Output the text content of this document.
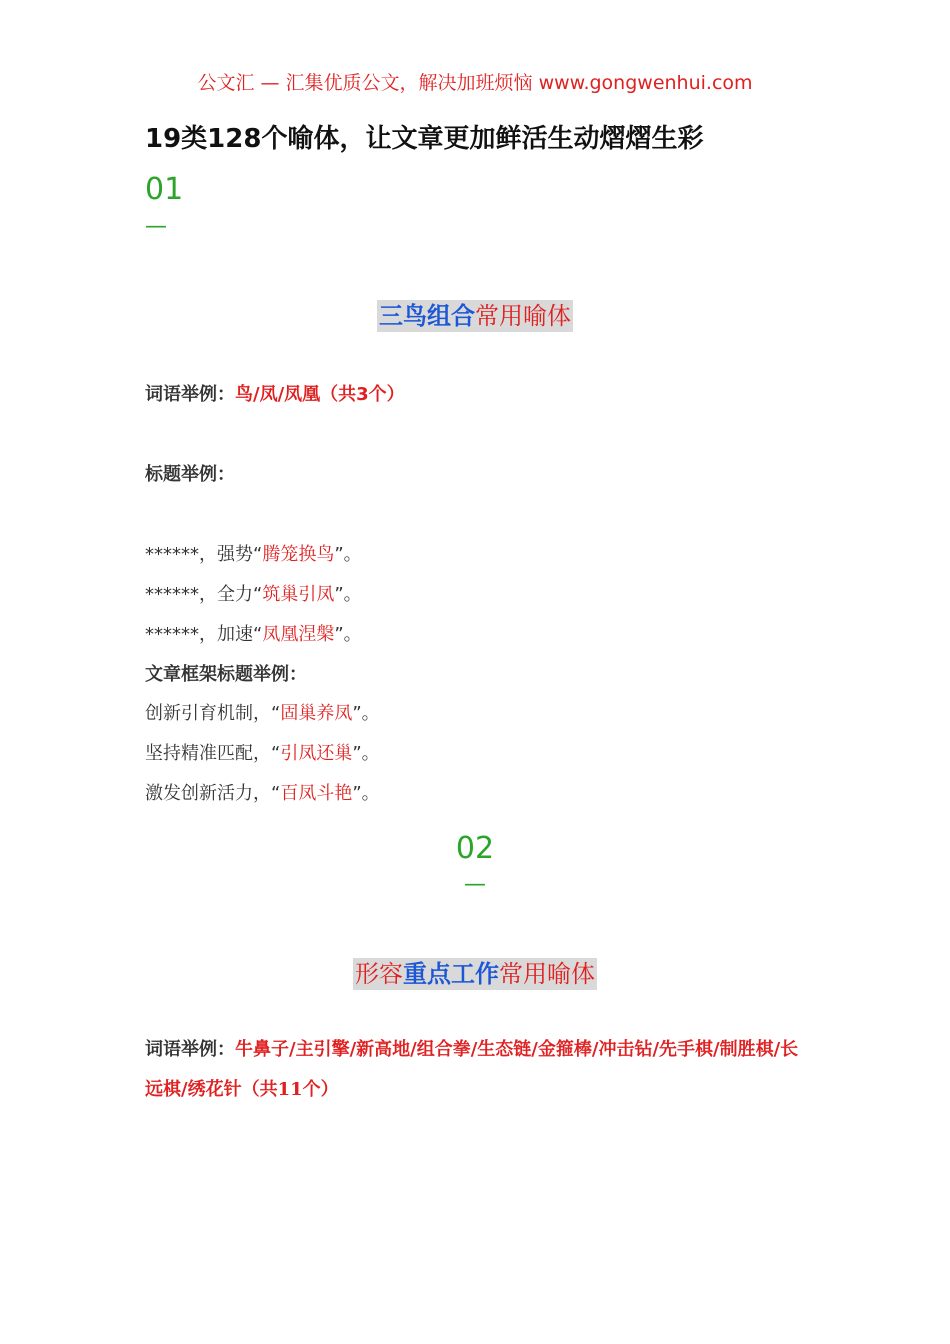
公文汇 — 汇集优质公文，解决加班烦恼 www.gongwenhui.com
19类128个喻体，让文章更加鲜活生动熠熠生彩
01
—
三鸟组合常用喻体
词语举例：鸟/凤/凤凰（共3个）
标题举例：
******，强势“腾笼换鸟”。
******，全力“筑巢引凤”。
******，加速“凤凰涅槃”。
文章框架标题举例：
创新引育机制，“固巢养凤”。
坚持精准匹配，“引凤还巢”。
激发创新活力，“百凤斗艳”。
02
—
形容重点工作常用喻体
词语举例：牛鼻子/主引擎/新高地/组合拳/生态链/金箍棒/冲击钻/先手棋/制胜棋/长远棋/绣花针（共11个）
